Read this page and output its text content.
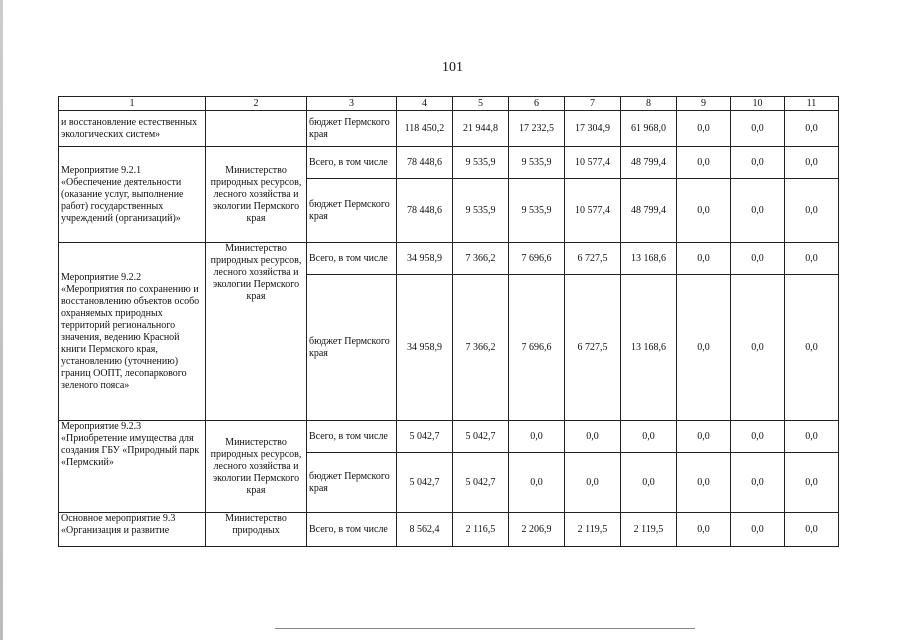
101
1	2	3	4	5	6	7	8	9	10	11
и восстановление естественных экологических систем»		бюджет Пермского края	118 450,2	21 944,8	17 232,5	17 304,9	61 968,0	0,0	0,0	0,0
Мероприятие 9.2.1 «Обеспечение деятельности (оказание услуг, выполнение работ) государственных учреждений (организаций)»	Министерство природных ресурсов, лесного хозяйства и экологии Пермского края	Всего, в том числе	78 448,6	9 535,9	9 535,9	10 577,4	48 799,4	0,0	0,0	0,0
		бюджет Пермского края	78 448,6	9 535,9	9 535,9	10 577,4	48 799,4	0,0	0,0	0,0
Мероприятие 9.2.2 «Мероприятия по сохранению и восстановлению объектов особо охраняемых природных территорий регионального значения, ведению Красной книги Пермского края, установлению (уточнению) границ ООПТ, лесопаркового зеленого пояса»	Министерство природных ресурсов, лесного хозяйства и экологии Пермского края	Всего, в том числе	34 958,9	7 366,2	7 696,6	6 727,5	13 168,6	0,0	0,0	0,0
		бюджет Пермского края	34 958,9	7 366,2	7 696,6	6 727,5	13 168,6	0,0	0,0	0,0
Мероприятие 9.2.3 «Приобретение имущества для создания ГБУ «Природный парк «Пермский»	Министерство природных ресурсов, лесного хозяйства и экологии Пермского края	Всего, в том числе	5 042,7	5 042,7	0,0	0,0	0,0	0,0	0,0	0,0
		бюджет Пермского края	5 042,7	5 042,7	0,0	0,0	0,0	0,0	0,0	0,0
Основное мероприятие 9.3 «Организация и развитие	Министерство природных	Всего, в том числе	8 562,4	2 116,5	2 206,9	2 119,5	2 119,5	0,0	0,0	0,0
